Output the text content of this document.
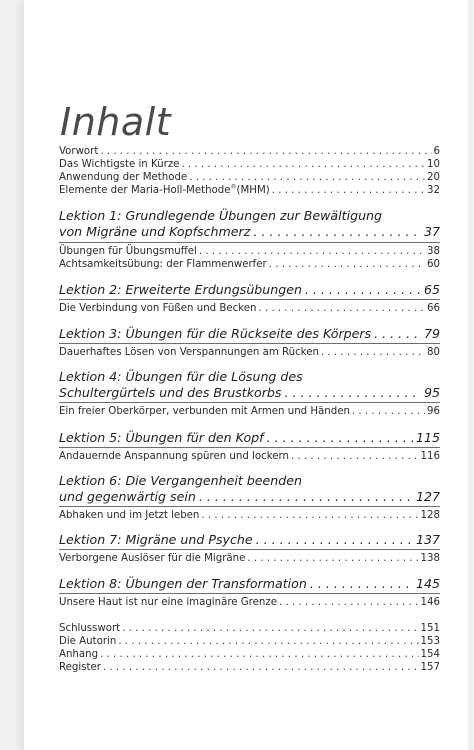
Inhalt
Vorwort . . .	6
Das Wichtigste in Kürze . . .	10
Anwendung der Methode . . .	20
Elemente der Maria-Holl-Methode®(MHM) . . .	32
Lektion 1: Grundlegende Übungen zur Bewältigung
von Migräne und Kopfschmerz . . .	37
Übungen für Übungsmuffel . . .	38
Achtsamkeitsübung: der Flammenwerfer . . .	60
Lektion 2: Erweiterte Erdungsübungen . . .	65
Die Verbindung von Füßen und Becken . . .	66
Lektion 3: Übungen für die Rückseite des Körpers . . .	79
Dauerhaftes Lösen von Verspannungen am Rücken . . .	80
Lektion 4: Übungen für die Lösung des
Schultergürtels und des Brustkorbs . . .	95
Ein freier Oberkörper, verbunden mit Armen und Händen . . .	96
Lektion 5: Übungen für den Kopf . . .	115
Andauernde Anspannung spüren und lockern . . .	116
Lektion 6: Die Vergangenheit beenden
und gegenwärtig sein . . .	127
Abhaken und im Jetzt leben . . .	128
Lektion 7: Migräne und Psyche . . .	137
Verborgene Auslöser für die Migräne . . .	138
Lektion 8: Übungen der Transformation . . .	145
Unsere Haut ist nur eine imaginäre Grenze . . .	146
Schlusswort . . .	151
Die Autorin . . .	153
Anhang . . .	154
Register . . .	157
